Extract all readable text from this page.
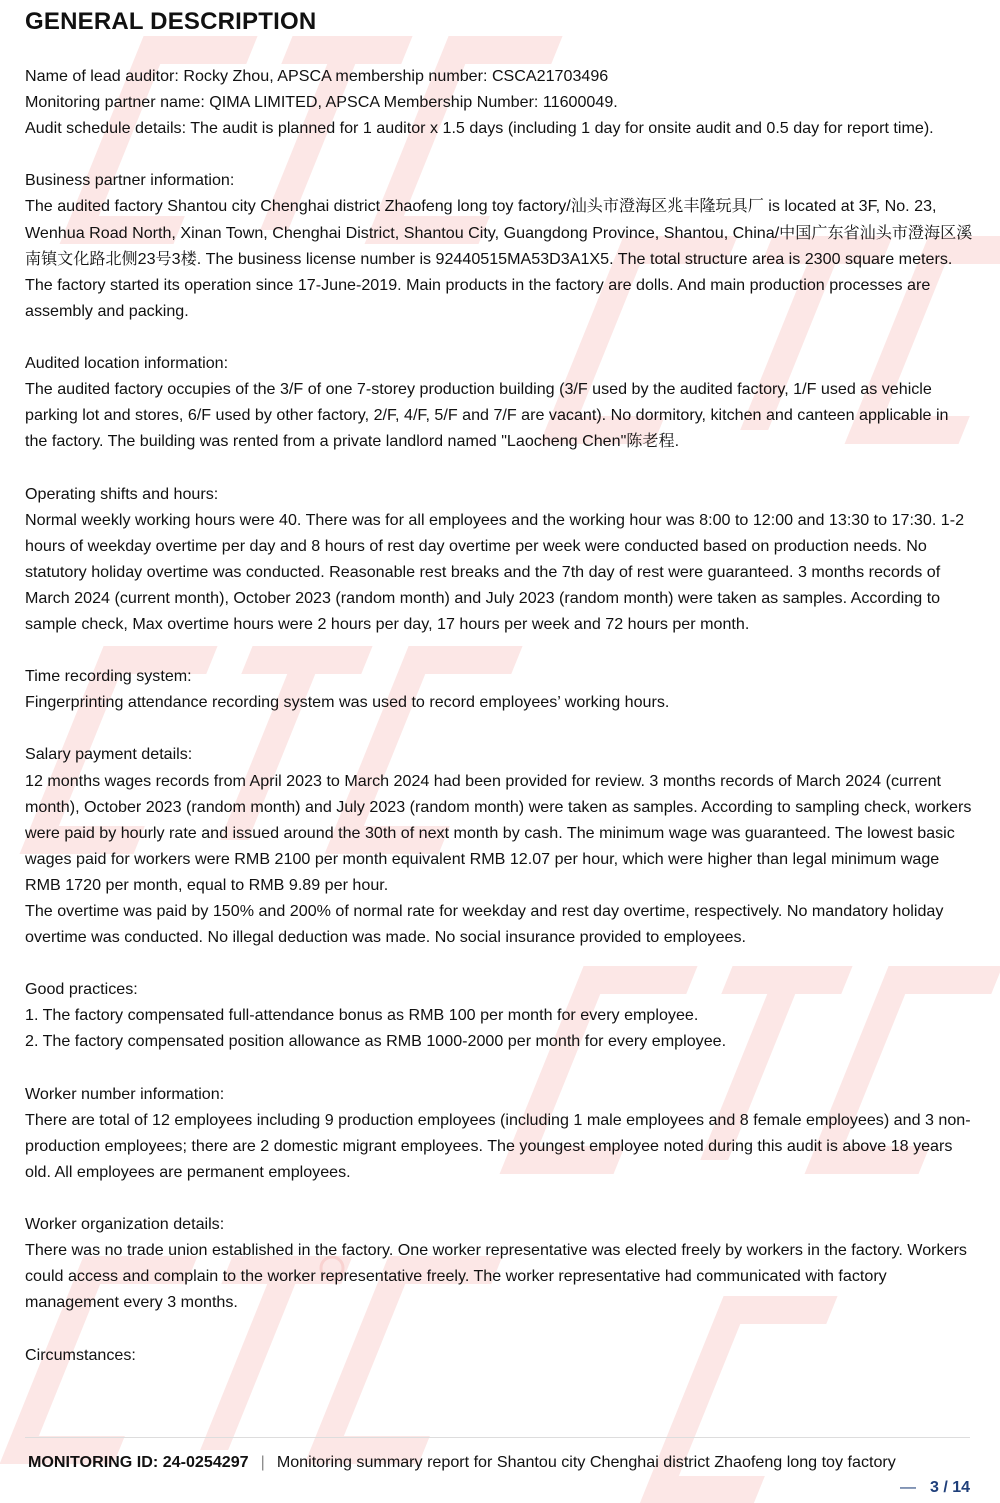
GENERAL DESCRIPTION

Name of lead auditor: Rocky Zhou, APSCA membership number: CSCA21703496

Monitoring partner name: QIMA LIMITED, APSCA Membership Number: 11600049.

Audit schedule details: The audit is planned for 1 auditor x 1.5 days (including 1 day for onsite audit and 0.5 day for report time).

Business partner information:

The audited factory Shantou city Chenghai district Zhaofeng long toy factory/汕头市澄海区兆丰隆玩具厂 is located at 3F, No. 23, Wenhua Road North, Xinan Town, Chenghai District, Shantou City, Guangdong Province, Shantou, China/中国广东省汕头市澄海区溪南镇文化路北侧23号3楼. The business license number is 92440515MA53D3A1X5. The total structure area is 2300 square meters. The factory started its operation since 17-June-2019. Main products in the factory are dolls. And main production processes are assembly and packing.

Audited location information:

The audited factory occupies of the 3/F of one 7-storey production building (3/F used by the audited factory, 1/F used as vehicle parking lot and stores, 6/F used by other factory, 2/F, 4/F, 5/F and 7/F are vacant). No dormitory, kitchen and canteen applicable in the factory. The building was rented from a private landlord named "Laocheng Chen"陈老程.

Operating shifts and hours:

Normal weekly working hours were 40. There was for all employees and the working hour was 8:00 to 12:00 and 13:30 to 17:30. 1-2 hours of weekday overtime per day and 8 hours of rest day overtime per week were conducted based on production needs. No statutory holiday overtime was conducted. Reasonable rest breaks and the 7th day of rest were guaranteed. 3 months records of March 2024 (current month), October 2023 (random month) and July 2023 (random month) were taken as samples. According to sample check, Max overtime hours were 2 hours per day, 17 hours per week and 72 hours per month.

Time recording system:

Fingerprinting attendance recording system was used to record employees’ working hours.

Salary payment details:

12 months wages records from April 2023 to March 2024 had been provided for review. 3 months records of March 2024 (current month), October 2023 (random month) and July 2023 (random month) were taken as samples. According to sampling check, workers were paid by hourly rate and issued around the 30th of next month by cash. The minimum wage was guaranteed. The lowest basic wages paid for workers were RMB 2100 per month equivalent RMB 12.07 per hour, which were higher than legal minimum wage RMB 1720 per month, equal to RMB 9.89 per hour.

The overtime was paid by 150% and 200% of normal rate for weekday and rest day overtime, respectively. No mandatory holiday overtime was conducted. No illegal deduction was made. No social insurance provided to employees.

Good practices:

1. The factory compensated full-attendance bonus as RMB 100 per month for every employee.

2. The factory compensated position allowance as RMB 1000-2000 per month for every employee.

Worker number information:

There are total of 12 employees including 9 production employees (including 1 male employees and 8 female employees) and 3 non-production employees; there are 2 domestic migrant employees. The youngest employee noted during this audit is above 18 years old. All employees are permanent employees.

Worker organization details:

There was no trade union established in the factory. One worker representative was elected freely by workers in the factory. Workers could access and complain to the worker representative freely. The worker representative had communicated with factory management every 3 months.

Circumstances:

MONITORING ID: 24-0254297 | Monitoring summary report for Shantou city Chenghai district Zhaofeng long toy factory
— 3 / 14
